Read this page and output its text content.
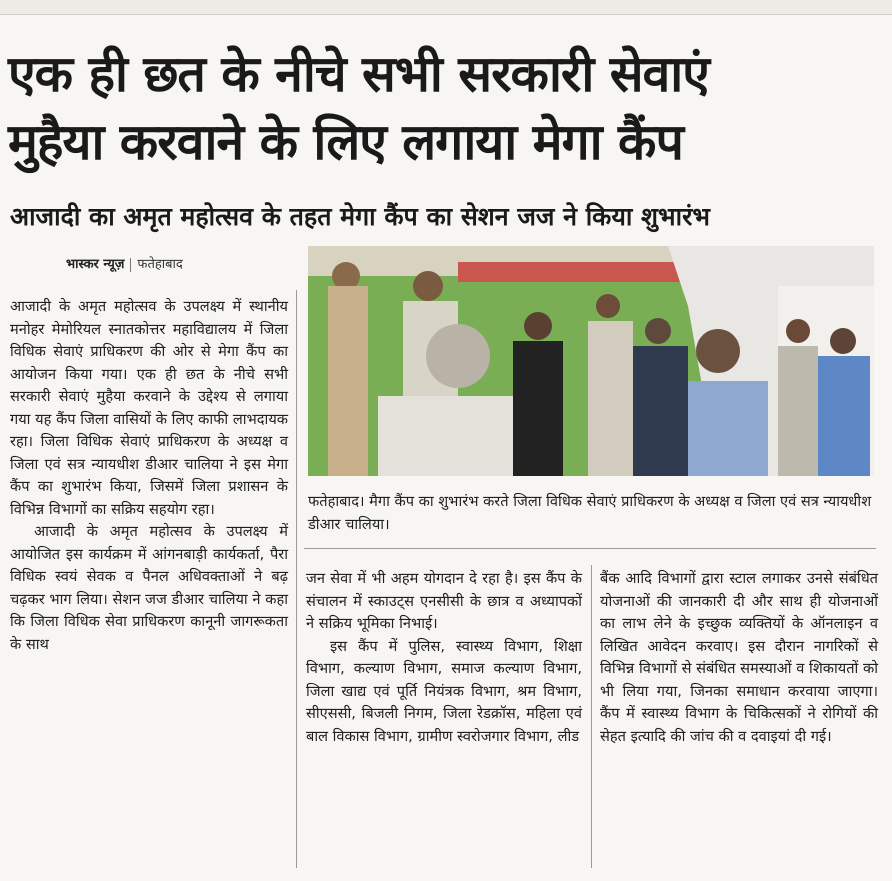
एक ही छत के नीचे सभी सरकारी सेवाएं
मुहैया करवाने के लिए लगाया मेगा कैंप
आजादी का अमृत महोत्सव के तहत मेगा कैंप का सेशन जज ने किया शुभारंभ
भास्कर न्यूज़ फतेहाबाद

आजादी के अमृत महोत्सव के उपलक्ष्य में स्थानीय मनोहर मेमोरियल स्नातकोत्तर महाविद्यालय में जिला विधिक सेवाएं प्राधिकरण की ओर से मेगा कैंप का आयोजन किया गया। एक ही छत के नीचे सभी सरकारी सेवाएं मुहैया करवाने के उद्देश्य से लगाया गया यह कैंप जिला वासियों के लिए काफी लाभदायक रहा। जिला विधिक सेवाएं प्राधिकरण के अध्यक्ष व जिला एवं सत्र न्यायधीश डीआर चालिया ने इस मेगा कैंप का शुभारंभ किया, जिसमें जिला प्रशासन के विभिन्न विभागों का सक्रिय सहयोग रहा।

आजादी के अमृत महोत्सव के उपलक्ष्य में आयोजित इस कार्यक्रम में आंगनबाड़ी कार्यकर्ता, पैरा विधिक स्वयं सेवक व पैनल अधिवक्ताओं ने बढ़ चढ़कर भाग लिया। सेशन जज डीआर चालिया ने कहा कि जिला विधिक सेवा प्राधिकरण कानूनी जागरूकता के साथ

फतेहाबाद। मैगा कैंप का शुभारंभ करते जिला विधिक सेवाएं प्राधिकरण के अध्यक्ष व जिला एवं सत्र न्यायधीश डीआर चालिया।

जन सेवा में भी अहम योगदान दे रहा है। इस कैंप के संचालन में स्काउट्स एनसीसी के छात्र व अध्यापकों ने सक्रिय भूमिका निभाई।

इस कैंप में पुलिस, स्वास्थ्य विभाग, शिक्षा विभाग, कल्याण विभाग, समाज कल्याण विभाग, जिला खाद्य एवं पूर्ति नियंत्रक विभाग, श्रम विभाग, सीएससी, बिजली निगम, जिला रेडक्रॉस, महिला एवं बाल विकास विभाग, ग्रामीण स्वरोजगार विभाग, लीड

बैंक आदि विभागों द्वारा स्टाल लगाकर उनसे संबंधित योजनाओं की जानकारी दी और साथ ही योजनाओं का लाभ लेने के इच्छुक व्यक्तियों के ऑनलाइन व लिखित आवेदन करवाए। इस दौरान नागरिकों से विभिन्न विभागों से संबंधित समस्याओं व शिकायतों को भी लिया गया, जिनका समाधान करवाया जाएगा। कैंप में स्वास्थ्य विभाग के चिकित्सकों ने रोगियों की सेहत इत्यादि की जांच की व दवाइयां दी गई।
